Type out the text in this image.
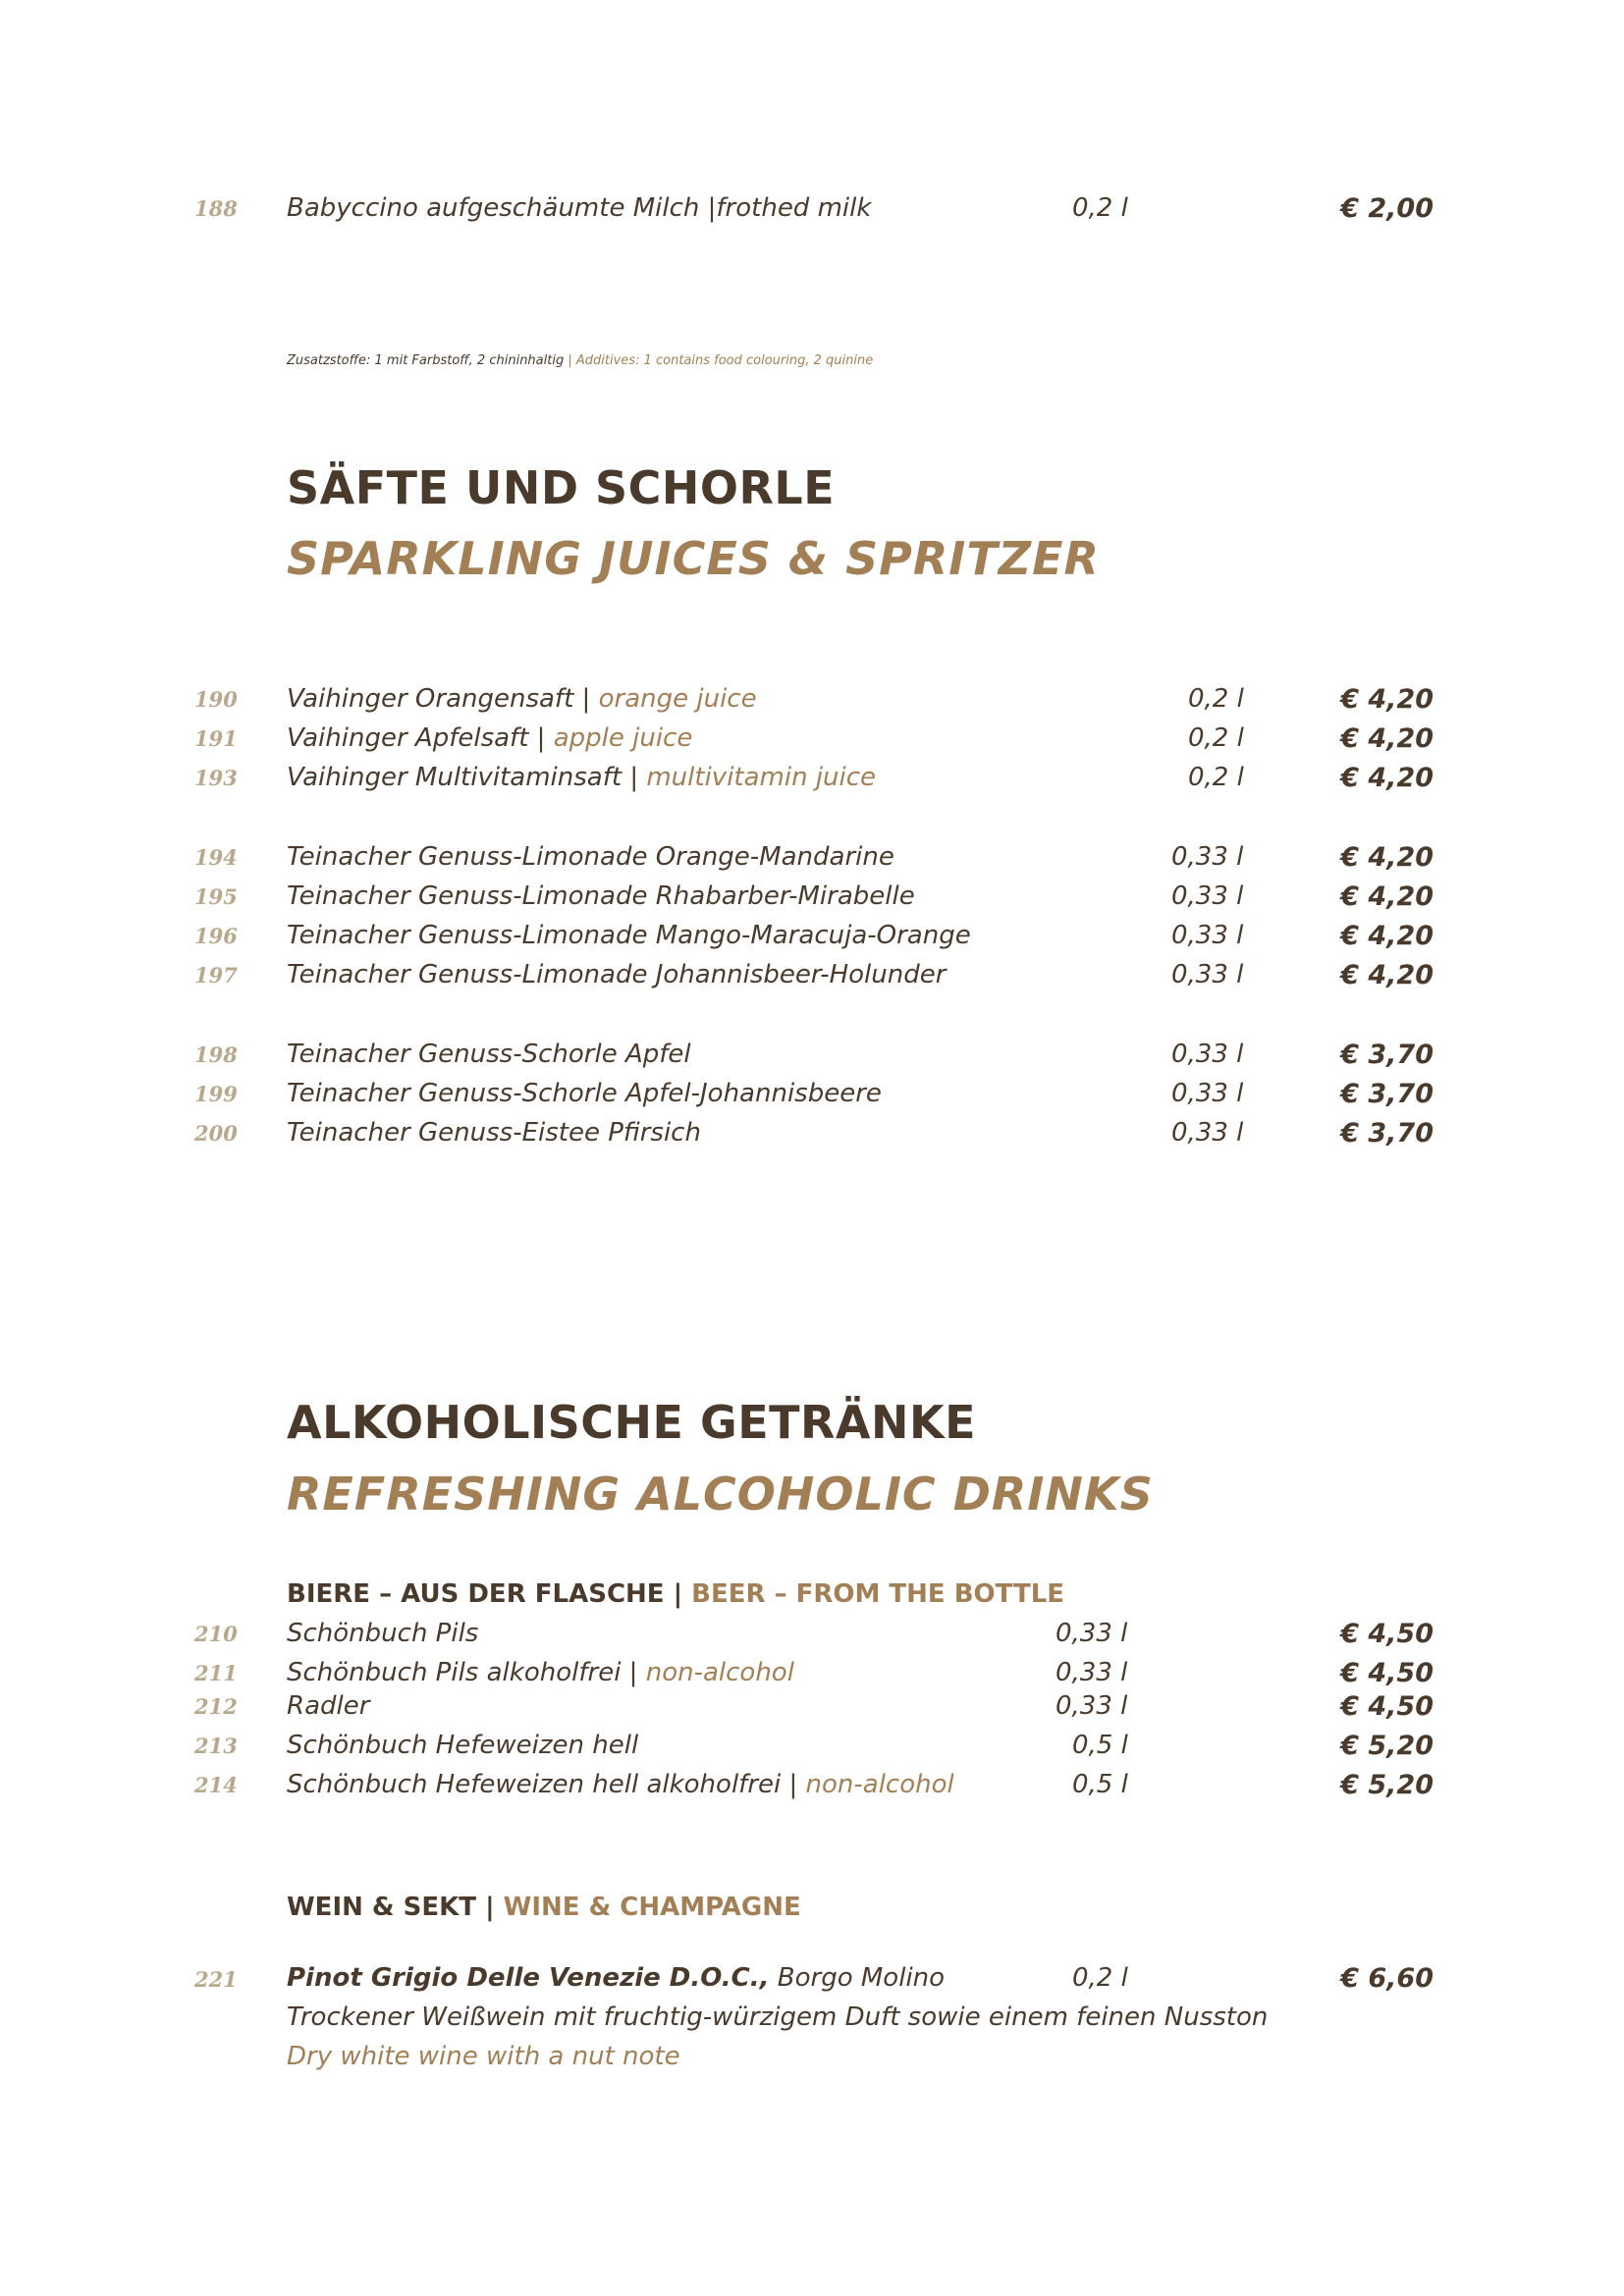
188 Babyccino aufgeschäumte Milch |frothed milk	0,2 l	€ 2,00
Zusatzstoffe: 1 mit Farbstoff, 2 chininhaltig | Additives: 1 contains food colouring, 2 quinine
SÄFTE UND SCHORLE
SPARKLING JUICES & SPRITZER
190 Vaihinger Orangensaft | orange juice	0,2 l	€ 4,20
191 Vaihinger Apfelsaft | apple juice	0,2 l	€ 4,20
193 Vaihinger Multivitaminsaft | multivitamin juice	0,2 l	€ 4,20
194 Teinacher Genuss-Limonade Orange-Mandarine	0,33 l	€ 4,20
195 Teinacher Genuss-Limonade Rhabarber-Mirabelle	0,33 l	€ 4,20
196 Teinacher Genuss-Limonade Mango-Maracuja-Orange	0,33 l	€ 4,20
197 Teinacher Genuss-Limonade Johannisbeer-Holunder	0,33 l	€ 4,20
198 Teinacher Genuss-Schorle Apfel	0,33 l	€ 3,70
199 Teinacher Genuss-Schorle Apfel-Johannisbeere	0,33 l	€ 3,70
200 Teinacher Genuss-Eistee Pfirsich	0,33 l	€ 3,70
ALKOHOLISCHE GETRÄNKE
REFRESHING ALCOHOLIC DRINKS
BIERE – AUS DER FLASCHE | BEER – FROM THE BOTTLE
210 Schönbuch Pils	0,33 l	€ 4,50
211 Schönbuch Pils alkoholfrei | non-alcohol	0,33 l	€ 4,50
212 Radler	0,33 l	€ 4,50
213 Schönbuch Hefeweizen hell	0,5 l	€ 5,20
214 Schönbuch Hefeweizen hell alkoholfrei | non-alcohol	0,5 l	€ 5,20
WEIN & SEKT | WINE & CHAMPAGNE
221 Pinot Grigio Delle Venezie D.O.C., Borgo Molino	0,2 l	€ 6,60
Trockener Weißwein mit fruchtig-würzigem Duft sowie einem feinen Nusston
Dry white wine with a nut note
